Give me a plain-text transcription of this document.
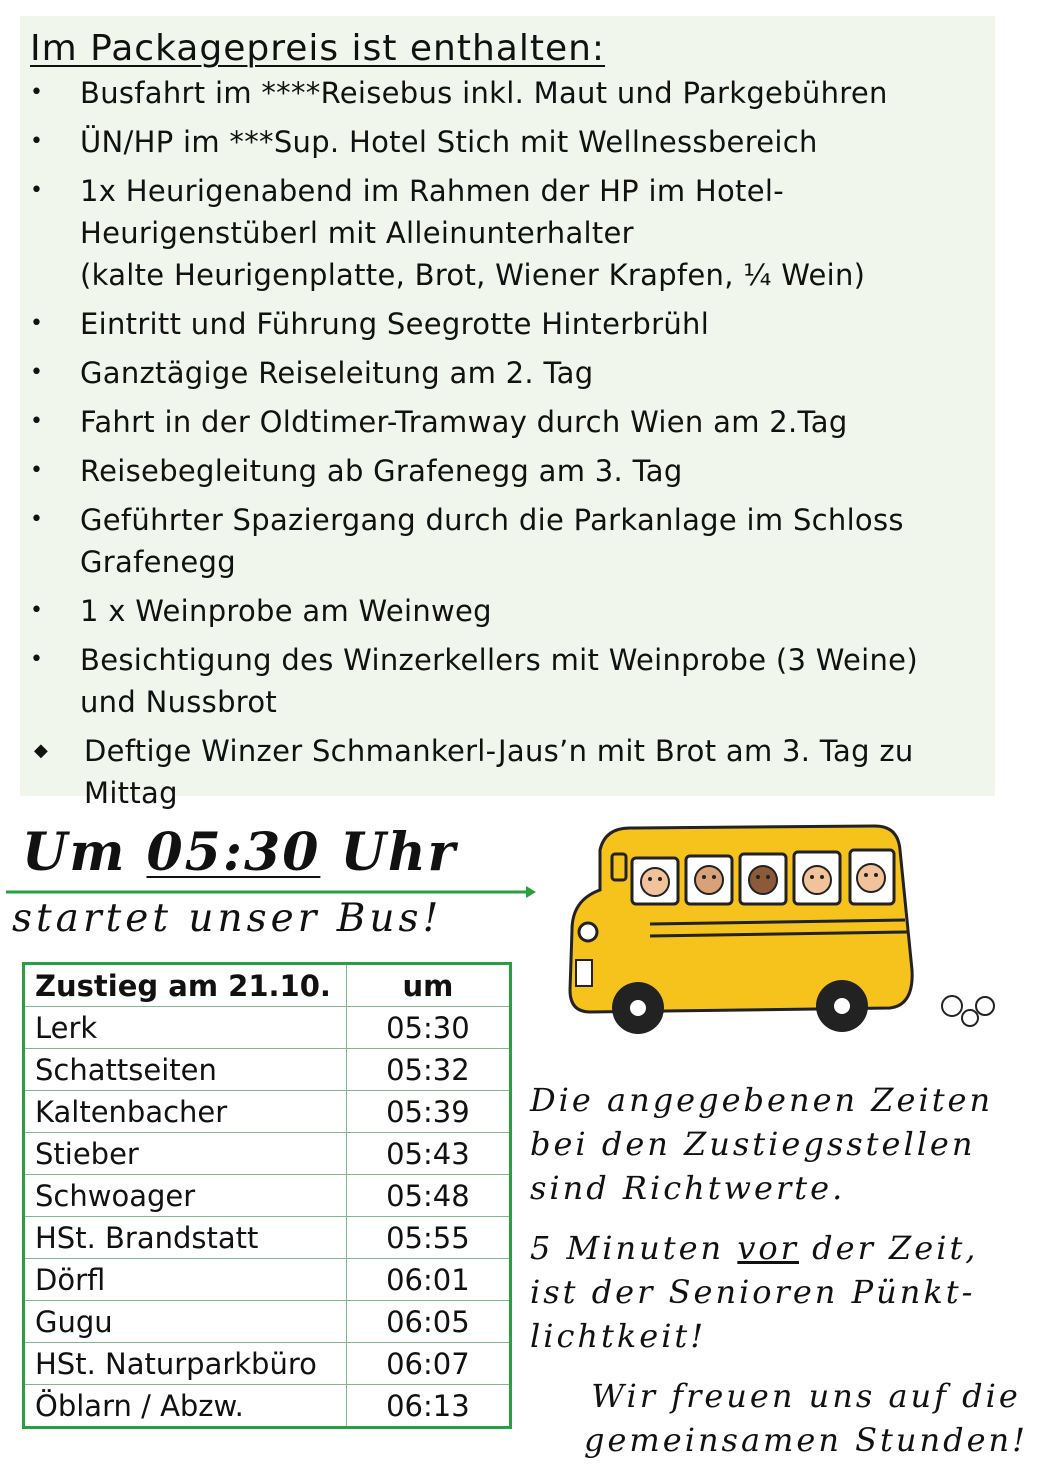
Im Packagepreis ist enthalten:
• Busfahrt im ****Reisebus inkl. Maut und Parkgebühren
• ÜN/HP im ***Sup. Hotel Stich mit Wellnessbereich
• 1x Heurigenabend im Rahmen der HP im Hotel-
Heurigenstüberl mit Alleinunterhalter
(kalte Heurigenplatte, Brot, Wiener Krapfen, ¼ Wein)
• Eintritt und Führung Seegrotte Hinterbrühl
• Ganztägige Reiseleitung am 2. Tag
• Fahrt in der Oldtimer-Tramway durch Wien am 2.Tag
• Reisebegleitung ab Grafenegg am 3. Tag
• Geführter Spaziergang durch die Parkanlage im Schloss
Grafenegg
• 1 x Weinprobe am Weinweg
• Besichtigung des Winzerkellers mit Weinprobe (3 Weine)
und Nussbrot
◆ Deftige Winzer Schmankerl-Jaus’n mit Brot am 3. Tag zu
Mittag
Um 05:30 Uhr
startet unser Bus!
Zustieg am 21.10.	um
Lerk	05:30
Schattseiten	05:32
Kaltenbacher	05:39
Stieber	05:43
Schwoager	05:48
HSt. Brandstatt	05:55
Dörfl	06:01
Gugu	06:05
HSt. Naturparkbüro	06:07
Öblarn / Abzw.	06:13
Die angegebenen Zeiten
bei den Zustiegsstellen
sind Richtwerte.
5 Minuten vor der Zeit,
ist der Senioren Pünkt-
lichtkeit!
Wir freuen uns auf die
gemeinsamen Stunden!
